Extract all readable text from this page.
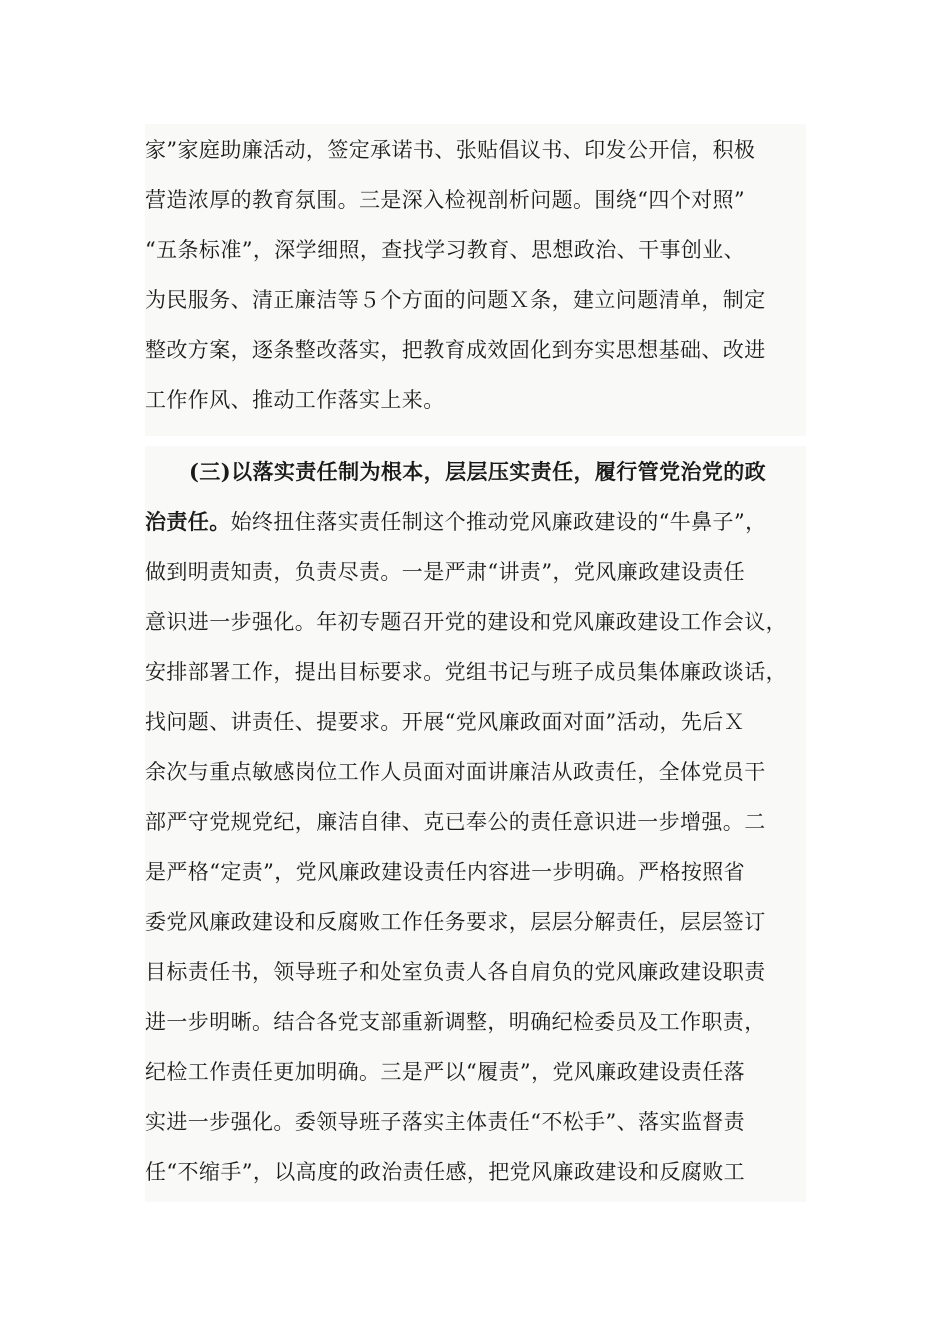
家”家庭助廉活动，签定承诺书、张贴倡议书、印发公开信，积极
营造浓厚的教育氛围。三是深入检视剖析问题。围绕“四个对照”
“五条标准”，深学细照，查找学习教育、思想政治、干事创业、
为民服务、清正廉洁等５个方面的问题Ｘ条，建立问题清单，制定
整改方案，逐条整改落实，把教育成效固化到夯实思想基础、改进
工作作风、推动工作落实上来。
(三)以落实责任制为根本，层层压实责任，履行管党治党的政
治责任。始终扭住落实责任制这个推动党风廉政建设的“牛鼻子”，
做到明责知责，负责尽责。一是严肃“讲责”，党风廉政建设责任
意识进一步强化。年初专题召开党的建设和党风廉政建设工作会议，
安排部署工作，提出目标要求。党组书记与班子成员集体廉政谈话，
找问题、讲责任、提要求。开展“党风廉政面对面”活动，先后Ｘ
余次与重点敏感岗位工作人员面对面讲廉洁从政责任，全体党员干
部严守党规党纪，廉洁自律、克已奉公的责任意识进一步增强。二
是严格“定责”，党风廉政建设责任内容进一步明确。严格按照省
委党风廉政建设和反腐败工作任务要求，层层分解责任，层层签订
目标责任书，领导班子和处室负责人各自肩负的党风廉政建设职责
进一步明晰。结合各党支部重新调整，明确纪检委员及工作职责，
纪检工作责任更加明确。三是严以“履责”，党风廉政建设责任落
实进一步强化。委领导班子落实主体责任“不松手”、落实监督责
任“不缩手”，以高度的政治责任感，把党风廉政建设和反腐败工
